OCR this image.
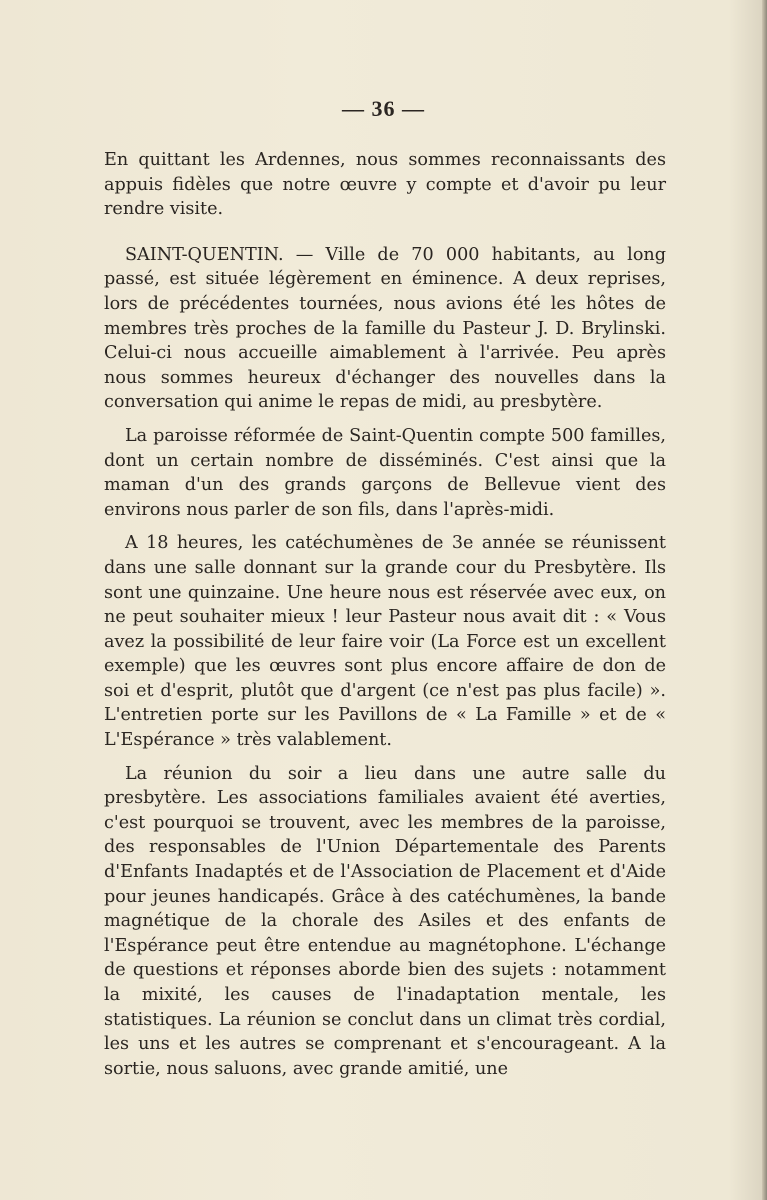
— 36 —

En quittant les Ardennes, nous sommes reconnaissants des appuis fidèles que notre œuvre y compte et d'avoir pu leur rendre visite.

SAINT-QUENTIN. — Ville de 70 000 habitants, au long passé, est située légèrement en éminence. A deux reprises, lors de précédentes tournées, nous avions été les hôtes de membres très proches de la famille du Pasteur J. D. Brylinski. Celui-ci nous accueille aimablement à l'arrivée. Peu après nous sommes heureux d'échanger des nouvelles dans la conversation qui anime le repas de midi, au presbytère.

La paroisse réformée de Saint-Quentin compte 500 familles, dont un certain nombre de disséminés. C'est ainsi que la maman d'un des grands garçons de Bellevue vient des environs nous parler de son fils, dans l'après-midi.

A 18 heures, les catéchumènes de 3e année se réunissent dans une salle donnant sur la grande cour du Presbytère. Ils sont une quinzaine. Une heure nous est réservée avec eux, on ne peut souhaiter mieux ! leur Pasteur nous avait dit : « Vous avez la possibilité de leur faire voir (La Force est un excellent exemple) que les œuvres sont plus encore affaire de don de soi et d'esprit, plutôt que d'argent (ce n'est pas plus facile) ». L'entretien porte sur les Pavillons de « La Famille » et de « L'Espérance » très valablement.

La réunion du soir a lieu dans une autre salle du presbytère. Les associations familiales avaient été averties, c'est pourquoi se trouvent, avec les membres de la paroisse, des responsables de l'Union Départementale des Parents d'Enfants Inadaptés et de l'Association de Placement et d'Aide pour jeunes handicapés. Grâce à des catéchumènes, la bande magnétique de la chorale des Asiles et des enfants de l'Espérance peut être entendue au magnétophone. L'échange de questions et réponses aborde bien des sujets : notamment la mixité, les causes de l'inadaptation mentale, les statistiques. La réunion se conclut dans un climat très cordial, les uns et les autres se comprenant et s'encourageant. A la sortie, nous saluons, avec grande amitié, une
